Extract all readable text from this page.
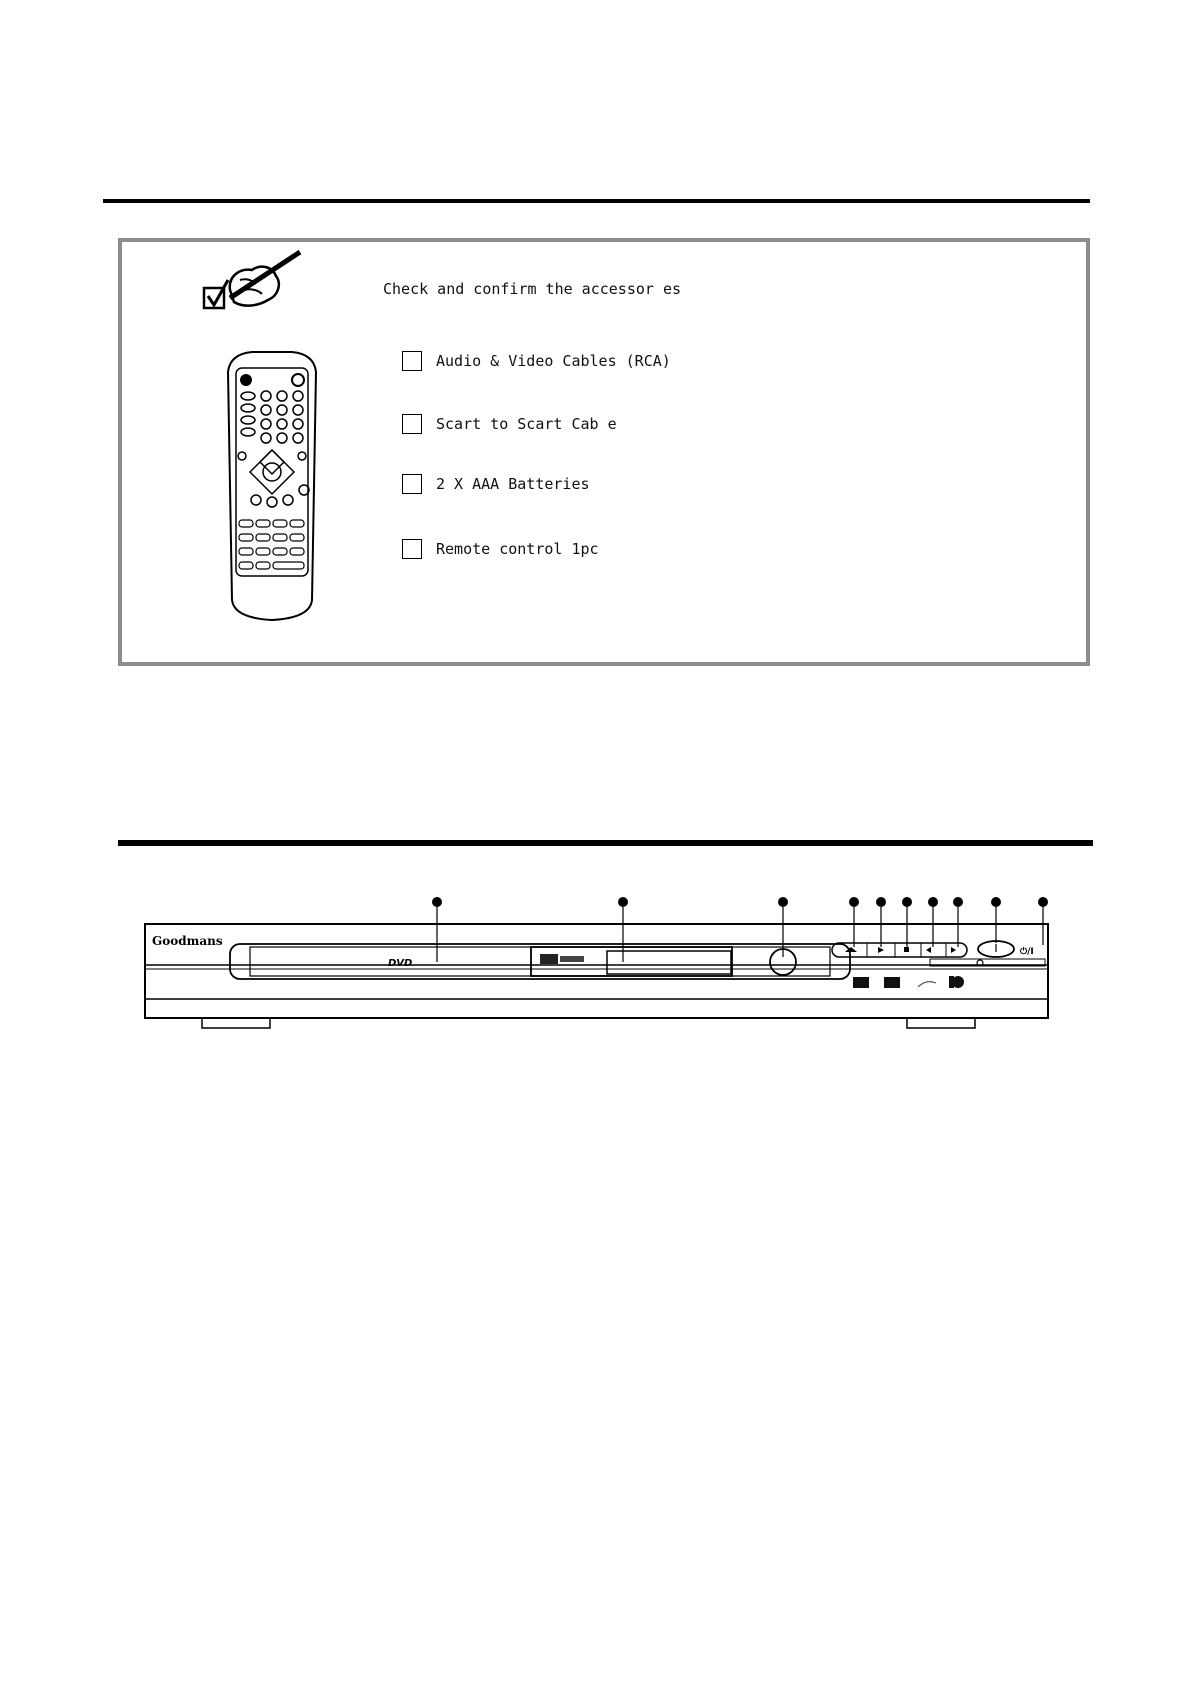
Check and confirm the accessor es
Audio & Video Cables (RCA)
Scart to Scart Cab e
2 X AAA Batteries
Remote control 1pc
Goodmans
DVD
⏻/I
